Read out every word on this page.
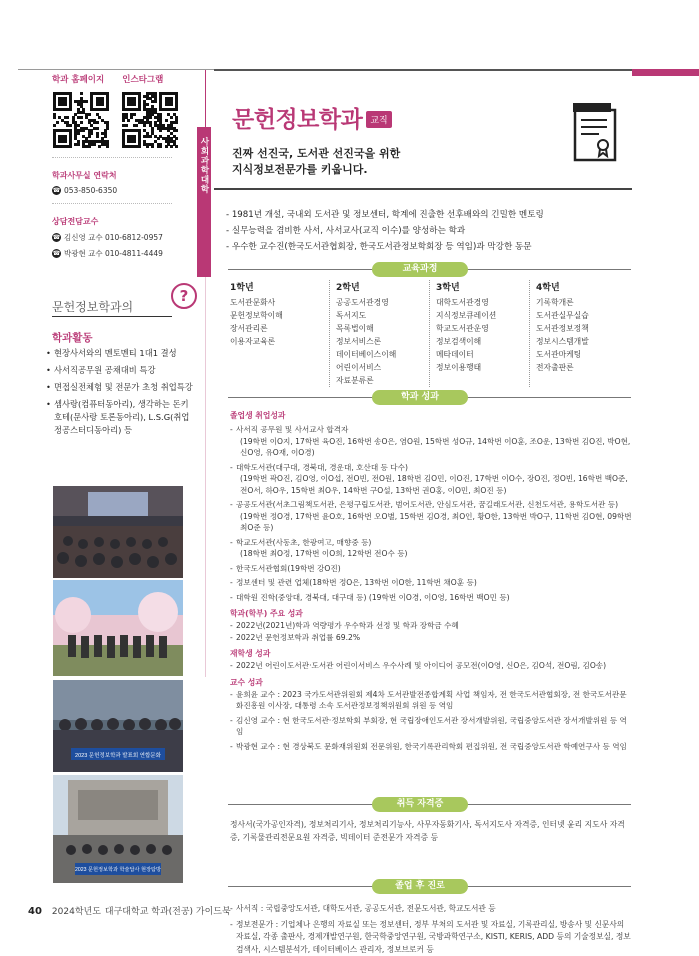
학과 홈페이지 인스타그램
학과사무실 연락처
☎ 053-850-6350
상담전담교수
☎ 김신영 교수 010-6812-0957
☎ 박광현 교수 010-4811-4449
사회과학대학
문헌정보학과의
?
학과활동
• 현장사서와의 멘토멘티 1대1 결성
• 사서직공무원 공채대비 특강
• 면접실전체험 및 전문가 초청 취업특강
• 셈사랑(컴퓨터동아리), 생각하는 돈키호테(문사랑 토론동아리), L.S.G(취업정공스터디동아리) 등
2023 문헌정보학과 발표회 연합문화
2023 문헌정보학과 학술답사 현장탐방
문헌정보학과 교직
진짜 선진국, 도서관 선진국을 위한
지식정보전문가를 키웁니다.
- 1981년 개설, 국내외 도서관 및 정보센터, 학계에 진출한 선후배와의 긴밀한 멘토링
- 실무능력을 겸비한 사서, 사서교사(교직 이수)를 양성하는 학과
- 우수한 교수진(한국도서관협회장, 한국도서관정보학회장 등 역임)과 막강한 동문
교육과정
1학년
도서관문화사
문헌정보학이해
장서관리론
이용자교육론
2학년
공공도서관경영
독서지도
목록법이해
정보서비스론
데이터베이스이해
어린이서비스
자료분류론
3학년
대학도서관경영
지식정보큐레이션
학교도서관운영
정보검색이해
메타데이터
정보이용행태
4학년
기록학개론
도서관실무실습
도서관정보정책
정보시스템개발
도서관마케팅
전자출판론
학과 성과
졸업생 취업성과
- 사서직 공무원 및 사서교사 합격자
(19학번 이O지, 17학번 육O진, 16학번 송O은, 염O원, 15학번 성O규, 14학번 이O훈, 조O운, 13학번 김O진, 박O현, 신O영, 유O재, 이O경)
- 대학도서관(대구대, 경북대, 경운대, 호산대 등 다수)
(19학번 곽O진, 김O영, 이O섭, 전O빈, 전O원, 18학번 김O민, 이O진, 17학번 이O수, 장O진, 정O빈, 16학번 백O준, 전O서, 하O우, 15학번 최O우, 14학번 구O설, 13학번 권O홍, 이O민, 최O진 등)
- 공공도서관(서초그림책도서관, 은평구립도서관, 범어도서관, 안심도서관, 꿈길래도서관, 신천도서관, 용학도서관 등)
(19학번 정O경, 17학번 윤O호, 16학번 오O별, 15학번 김O경, 최O인, 황O한, 13학번 박O구, 11학번 김O현, 09학번 최O준 등)
- 학교도서관(사동초, 한광여고, 매향중 등)
(18학번 최O정, 17학번 이O희, 12학번 전O수 등)
- 한국도서관협회(19학번 강O진)
- 정보센터 및 관련 업체(18학번 정O은, 13학번 이O한, 11학번 채O훈 등)
- 대학원 진학(중앙대, 경북대, 대구대 등) (19학번 이O경, 이O영, 16학번 백O민 등)
학과(학부) 주요 성과
- 2022년(2021년)학과 역량평가 우수학과 선정 및 학과 장학금 수혜
- 2022년 문헌정보학과 취업률 69.2%
재학생 성과
- 2022년 어린이도서관·도서관 어린이서비스 우수사례 및 아이디어 공모전(이O영, 신O은, 김O석, 전O림, 김O송)
교수 성과
- 윤희윤 교수 : 2023 국가도서관위원회 제4차 도서관발전종합계획 사업 책임자, 전 한국도서관협회장, 전 한국도서관문화진흥원 이사장, 대통령 소속 도서관정보정책위원회 위원 등 역임
- 김신영 교수 : 현 한국도서관·정보학회 부회장, 현 국립장애인도서관 장서개발위원, 국립중앙도서관 장서개발위원 등 역임
- 박광현 교수 : 현 경상북도 문화재위원회 전문위원, 한국기록관리학회 편집위원, 전 국립중앙도서관 학예연구사 등 역임
취득 자격증
정사서(국가공인자격), 정보처리기사, 정보처리기능사, 사무자동화기사, 독서지도사 자격증, 인터넷 윤리 지도사 자격증, 기록물관리전문요원 자격증, 빅데이터 준전문가 자격증 등
졸업 후 진로
- 사서직 : 국립중앙도서관, 대학도서관, 공공도서관, 전문도서관, 학교도서관 등
- 정보전문가 : 기업체나 은행의 자료실 또는 정보센터, 정부 부처의 도서관 및 자료실, 기록관리실, 방송사 및 신문사의 자료실, 각종 출판사, 경제개발연구원, 한국학중앙연구원, 국방과학연구소, KISTI, KERIS, ADD 등의 기술정보실, 정보검색사, 시스템분석가, 데이터베이스 관리자, 정보브로커 등
40 2024학년도 대구대학교 학과(전공) 가이드북
